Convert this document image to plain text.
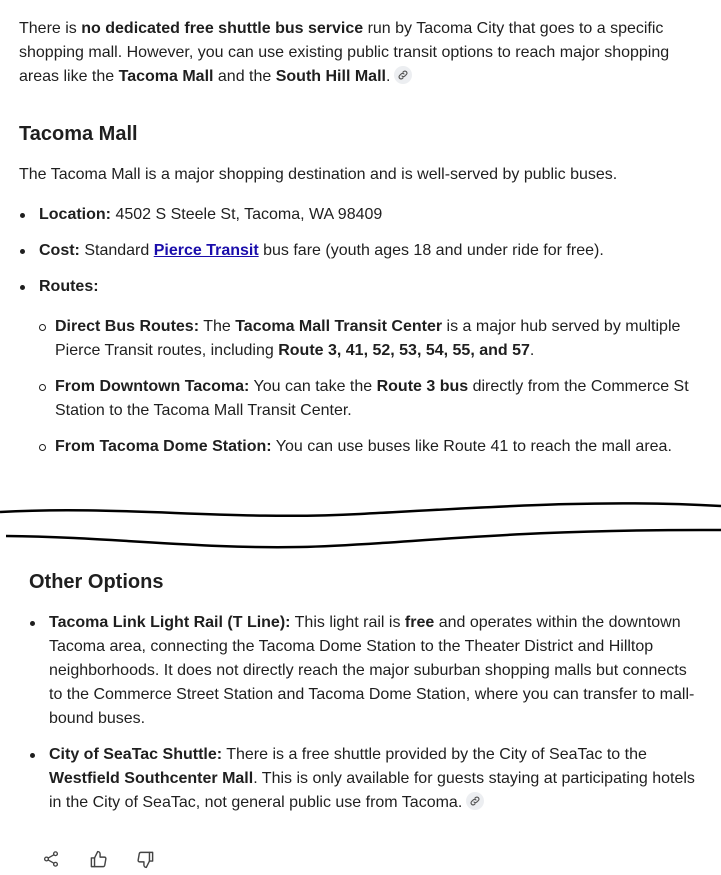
There is no dedicated free shuttle bus service run by Tacoma City that goes to a specific shopping mall. However, you can use existing public transit options to reach major shopping areas like the Tacoma Mall and the South Hill Mall.

Tacoma Mall

The Tacoma Mall is a major shopping destination and is well-served by public buses.

Location: 4502 S Steele St, Tacoma, WA 98409
Cost: Standard Pierce Transit bus fare (youth ages 18 and under ride for free).
Routes:
Direct Bus Routes: The Tacoma Mall Transit Center is a major hub served by multiple Pierce Transit routes, including Route 3, 41, 52, 53, 54, 55, and 57.
From Downtown Tacoma: You can take the Route 3 bus directly from the Commerce St Station to the Tacoma Mall Transit Center.
From Tacoma Dome Station: You can use buses like Route 41 to reach the mall area.
Other Options
Tacoma Link Light Rail (T Line): This light rail is free and operates within the downtown Tacoma area, connecting the Tacoma Dome Station to the Theater District and Hilltop neighborhoods. It does not directly reach the major suburban shopping malls but connects to the Commerce Street Station and Tacoma Dome Station, where you can transfer to mall-bound buses.
City of SeaTac Shuttle: There is a free shuttle provided by the City of SeaTac to the Westfield Southcenter Mall. This is only available for guests staying at participating hotels in the City of SeaTac, not general public use from Tacoma.
